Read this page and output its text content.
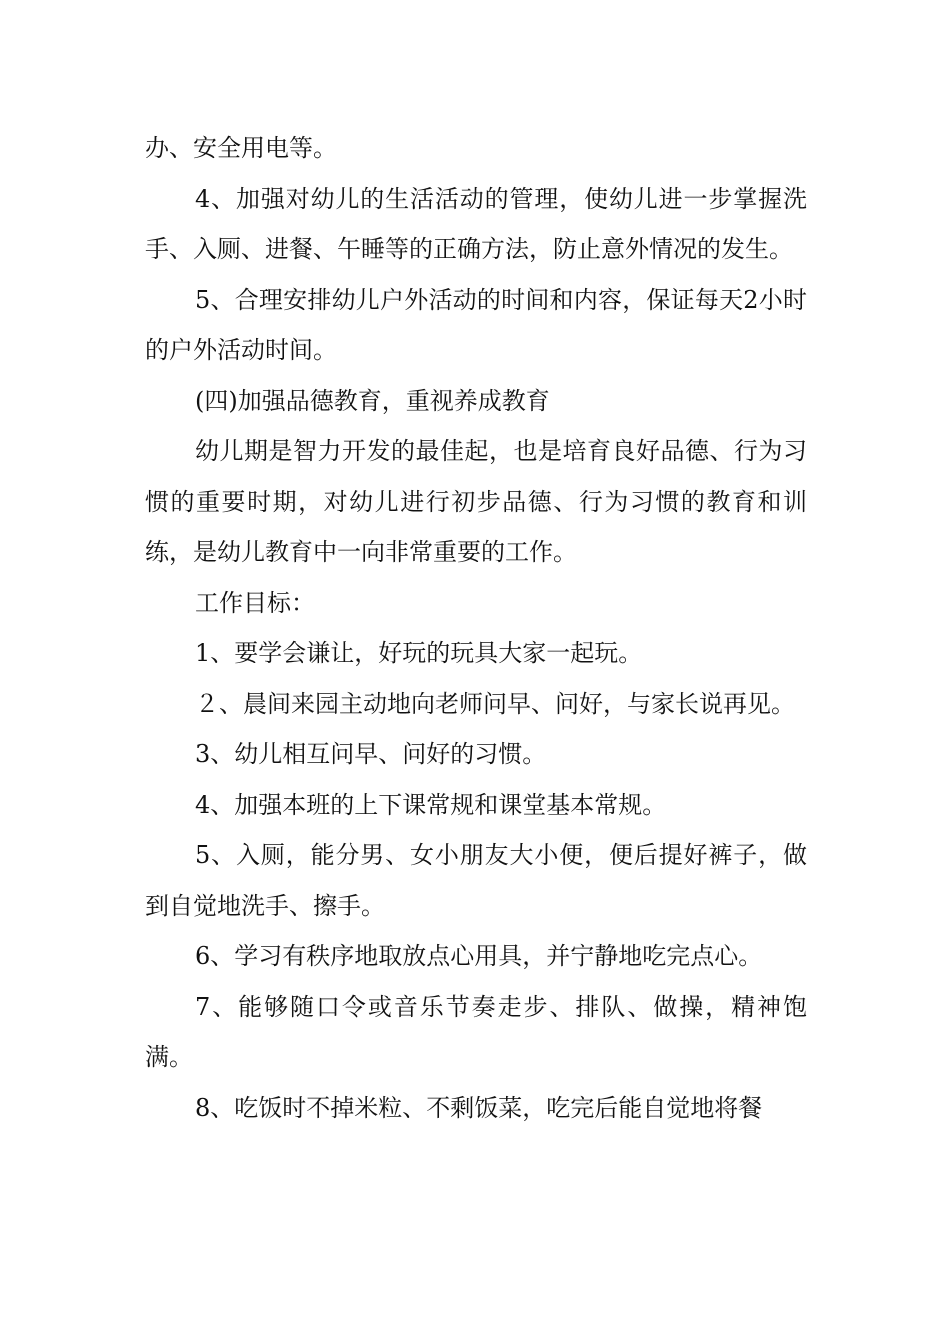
办、安全用电等。

4、加强对幼儿的生活活动的管理，使幼儿进一步掌握洗手、入厕、进餐、午睡等的正确方法，防止意外情况的发生。

5、合理安排幼儿户外活动的时间和内容，保证每天2小时的户外活动时间。

(四)加强品德教育，重视养成教育

幼儿期是智力开发的最佳起，也是培育良好品德、行为习惯的重要时期，对幼儿进行初步品德、行为习惯的教育和训练，是幼儿教育中一向非常重要的工作。

工作目标：

1、要学会谦让，好玩的玩具大家一起玩。

２、晨间来园主动地向老师问早、问好，与家长说再见。

3、幼儿相互问早、问好的习惯。

4、加强本班的上下课常规和课堂基本常规。

5、入厕，能分男、女小朋友大小便，便后提好裤子，做到自觉地洗手、擦手。

6、学习有秩序地取放点心用具，并宁静地吃完点心。

7、能够随口令或音乐节奏走步、排队、做操，精神饱满。

8、吃饭时不掉米粒、不剩饭菜，吃完后能自觉地将餐
